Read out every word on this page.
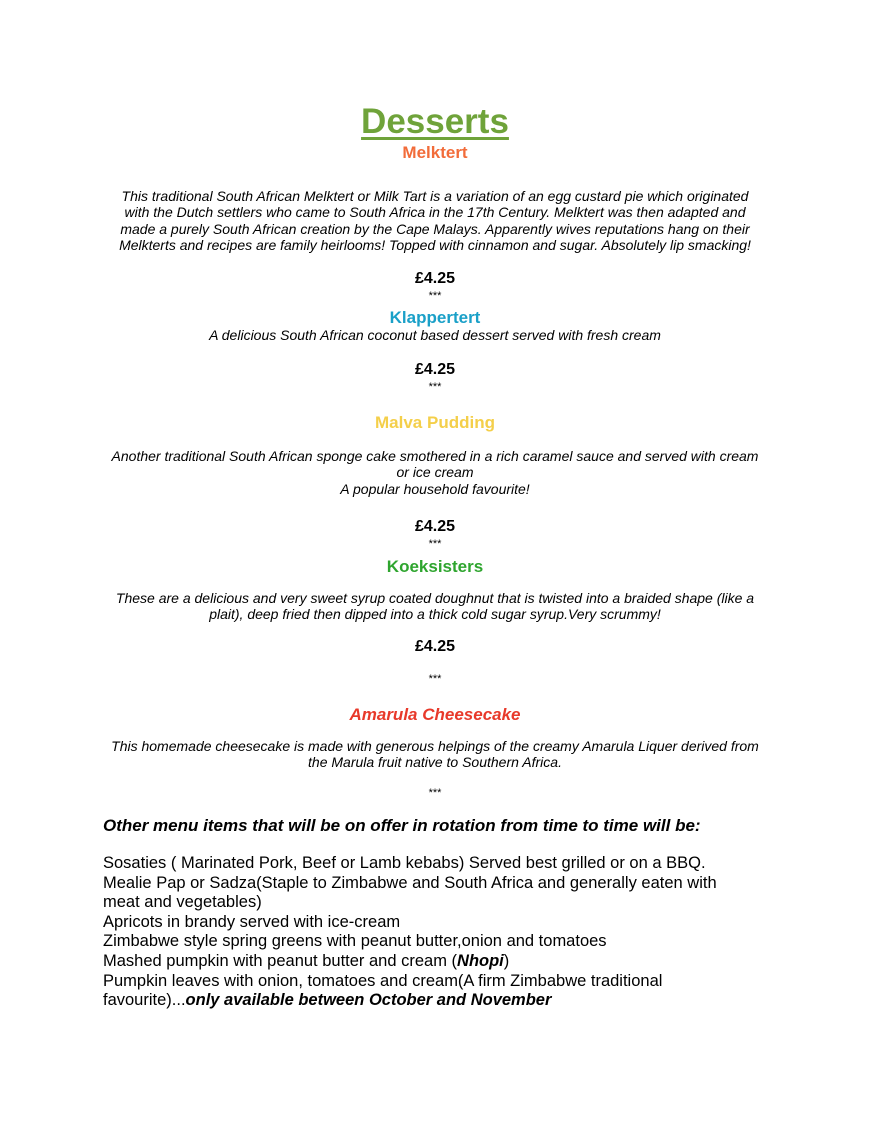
Desserts
Melktert
This traditional South African Melktert or Milk Tart is a variation of an egg custard pie which originated
with the Dutch settlers who came to South Africa in the 17th Century. Melktert was then adapted and
made a purely South African creation by the Cape Malays. Apparently wives reputations hang on their
Melkterts and recipes are family heirlooms! Topped with cinnamon and sugar. Absolutely lip smacking!
£4.25
***
Klappertert
A delicious South African coconut based dessert served with fresh cream
£4.25
***
Malva Pudding
Another traditional South African sponge cake smothered in a rich caramel sauce and served with cream
or ice cream
A popular household favourite!
£4.25
***
Koeksisters
These are a delicious and very sweet syrup coated doughnut that is twisted into a braided shape (like a
plait), deep fried then dipped into a thick cold sugar syrup.Very scrummy!
£4.25
***
Amarula Cheesecake
This homemade cheesecake is made with generous helpings of the creamy Amarula Liquer derived from
the Marula fruit native to Southern Africa.
***
Other menu items that will be on offer in rotation from time to time will be:
Sosaties ( Marinated Pork, Beef or Lamb kebabs) Served best grilled or on a BBQ.
Mealie Pap or Sadza(Staple to Zimbabwe and South Africa and generally eaten with
meat and vegetables)
Apricots in brandy served with ice-cream
Zimbabwe style spring greens with peanut butter,onion and tomatoes
Mashed pumpkin with peanut butter and cream (Nhopi)
Pumpkin leaves with onion, tomatoes and cream(A firm Zimbabwe traditional
favourite)...only available between October and November
